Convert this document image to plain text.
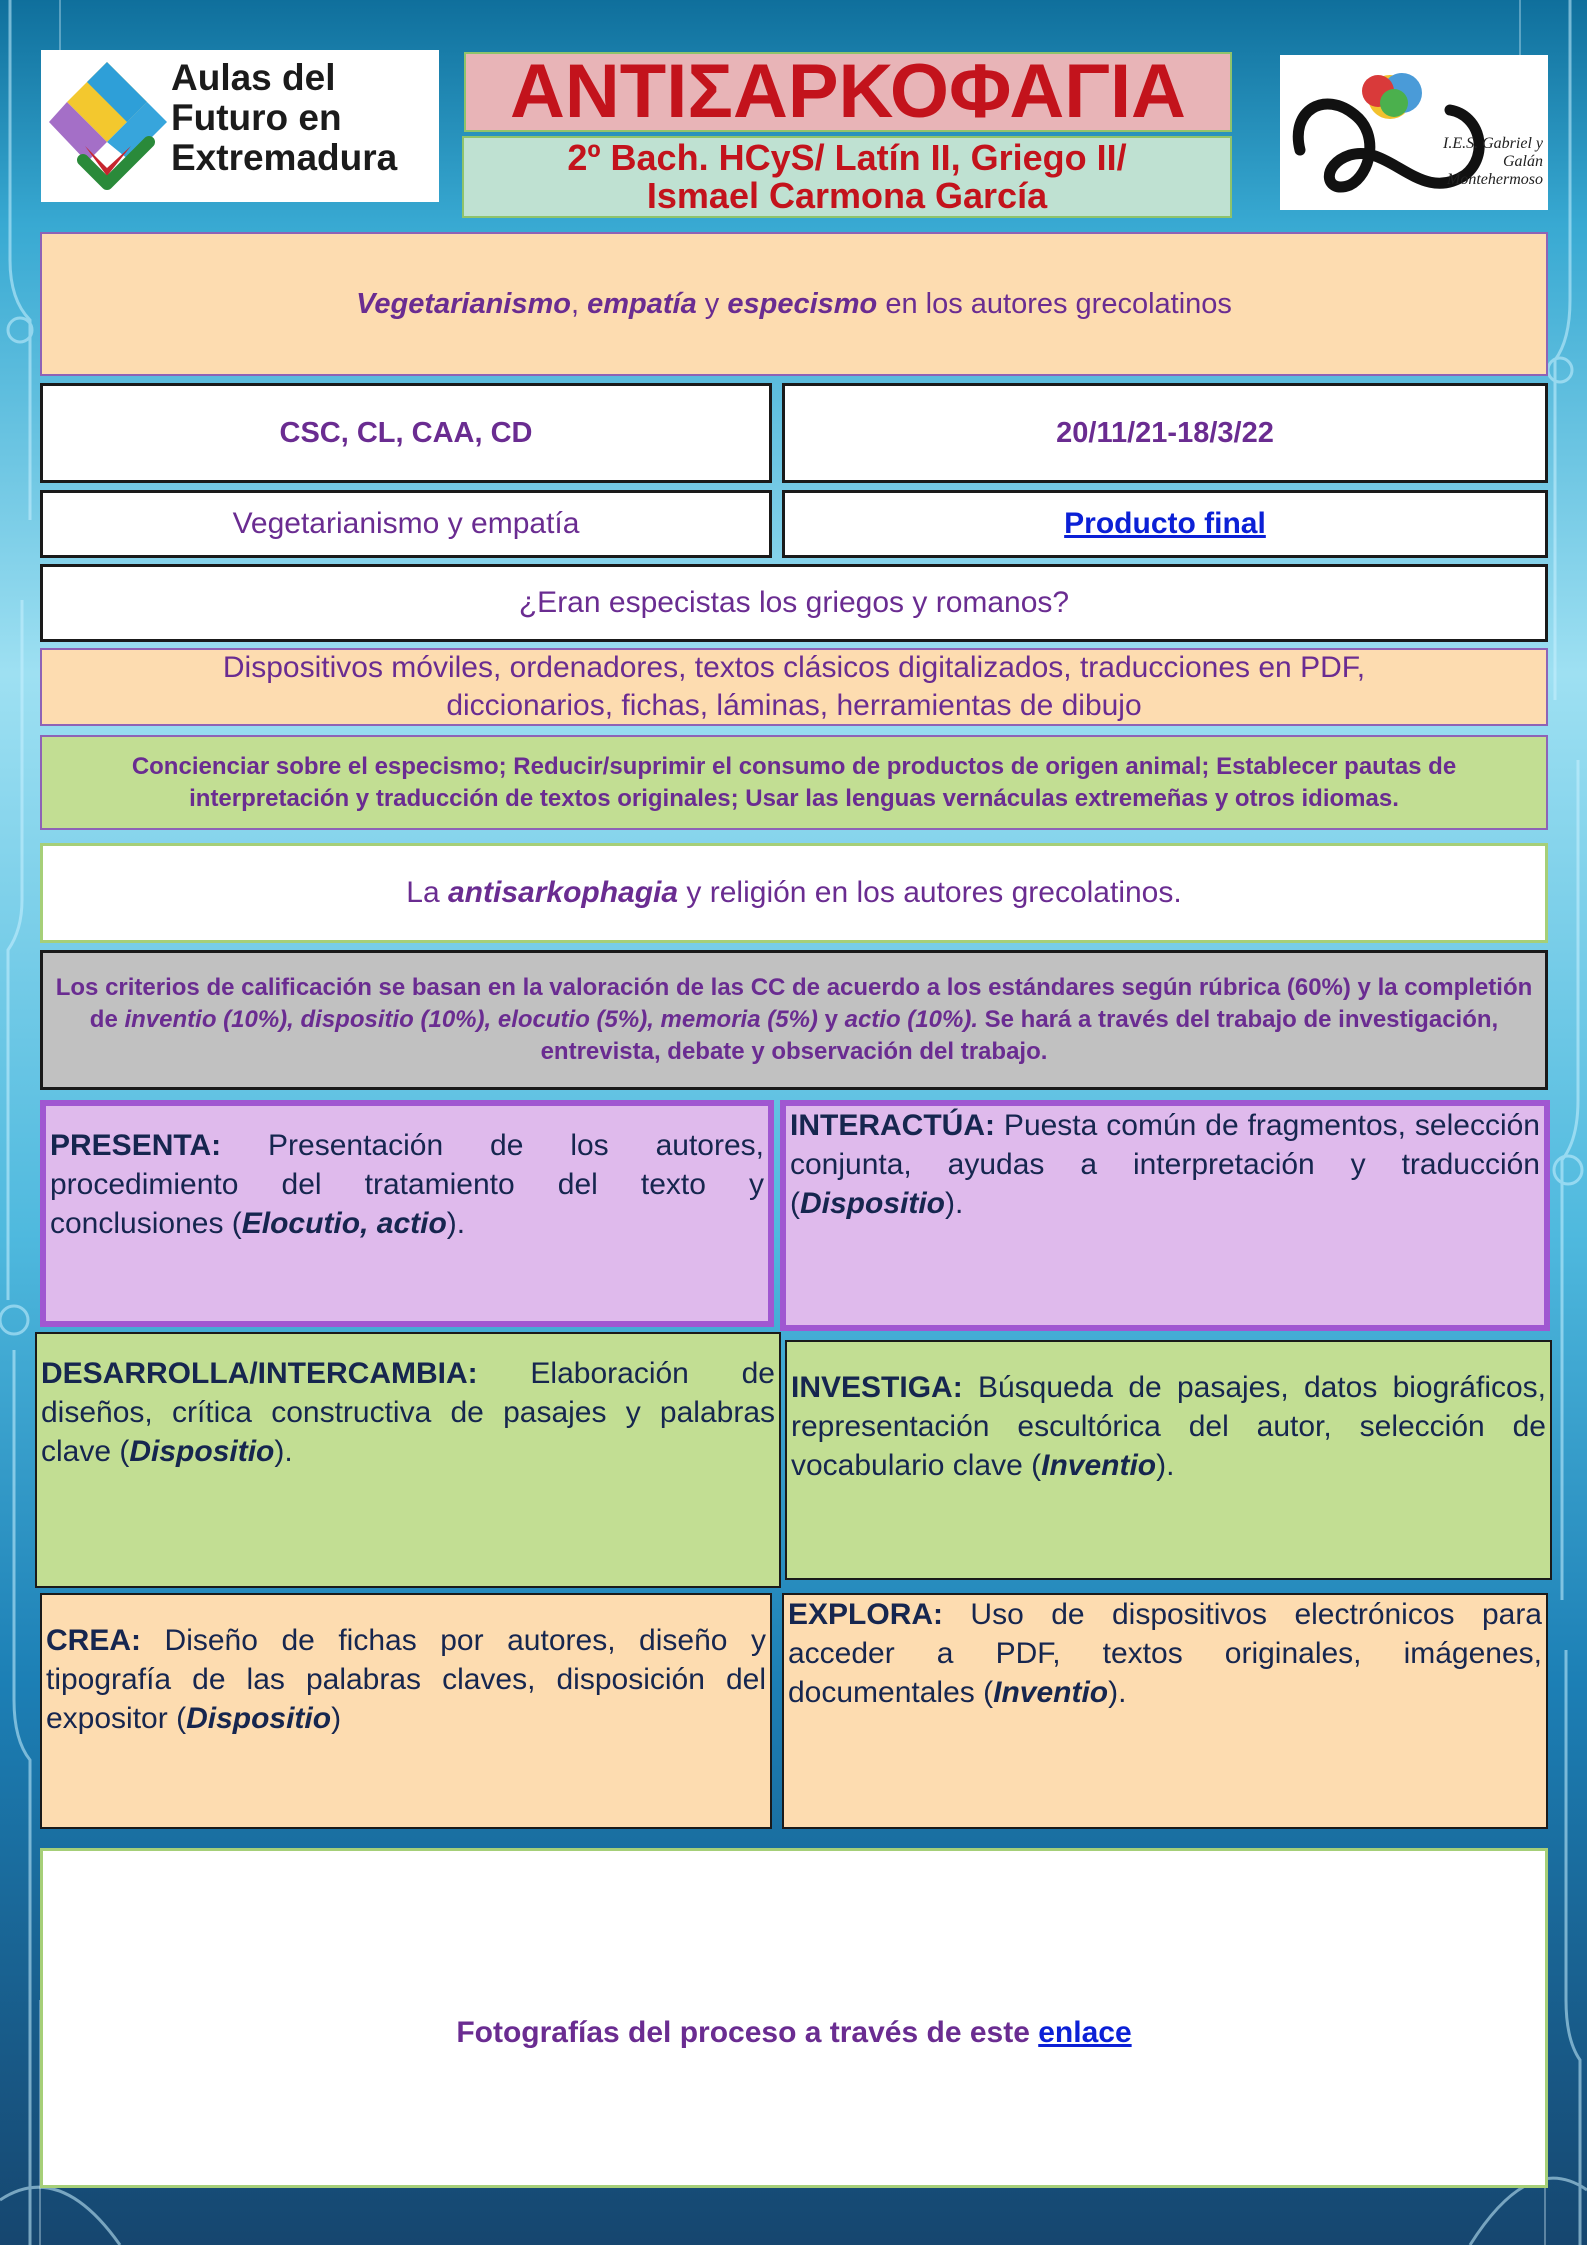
Aulas del
Futuro en
Extremadura
ΑΝΤΙΣΑΡΚΟΦΑΓΙΑ
2º Bach. HCyS/ Latín II, Griego II/
Ismael Carmona García
I.E.S. Gabriel y Galán Montehermoso
Vegetarianismo, empatía y especismo en los autores grecolatinos
CSC, CL, CAA, CD	20/11/21-18/3/22
Vegetarianismo y empatía	Producto final
¿Eran especistas los griegos y romanos?
Dispositivos móviles, ordenadores, textos clásicos digitalizados, traducciones en PDF,
diccionarios, fichas, láminas, herramientas de dibujo
Concienciar sobre el especismo; Reducir/suprimir el consumo de productos de origen animal; Establecer pautas de
interpretación y traducción de textos originales; Usar las lenguas vernáculas extremeñas y otros idiomas.
La antisarkophagia y religión en los autores grecolatinos.
Los criterios de calificación se basan en la valoración de las CC de acuerdo a los estándares según rúbrica (60%) y la completión de inventio (10%), dispositio (10%), elocutio (5%), memoria (5%) y actio (10%). Se hará a través del trabajo de investigación, entrevista, debate y observación del trabajo.
PRESENTA: Presentación de los autores, procedimiento del tratamiento del texto y conclusiones (Elocutio, actio).
INTERACTÚA: Puesta común de fragmentos, selección conjunta, ayudas a interpretación y traducción (Dispositio).
DESARROLLA/INTERCAMBIA: Elaboración de diseños, crítica constructiva de pasajes y palabras clave (Dispositio).
INVESTIGA: Búsqueda de pasajes, datos biográficos, representación escultórica del autor, selección de vocabulario clave (Inventio).
CREA: Diseño de fichas por autores, diseño y tipografía de las palabras claves, disposición del expositor (Dispositio)
EXPLORA: Uso de dispositivos electrónicos para acceder a PDF, textos originales, imágenes, documentales (Inventio).
Fotografías del proceso a través de este enlace
